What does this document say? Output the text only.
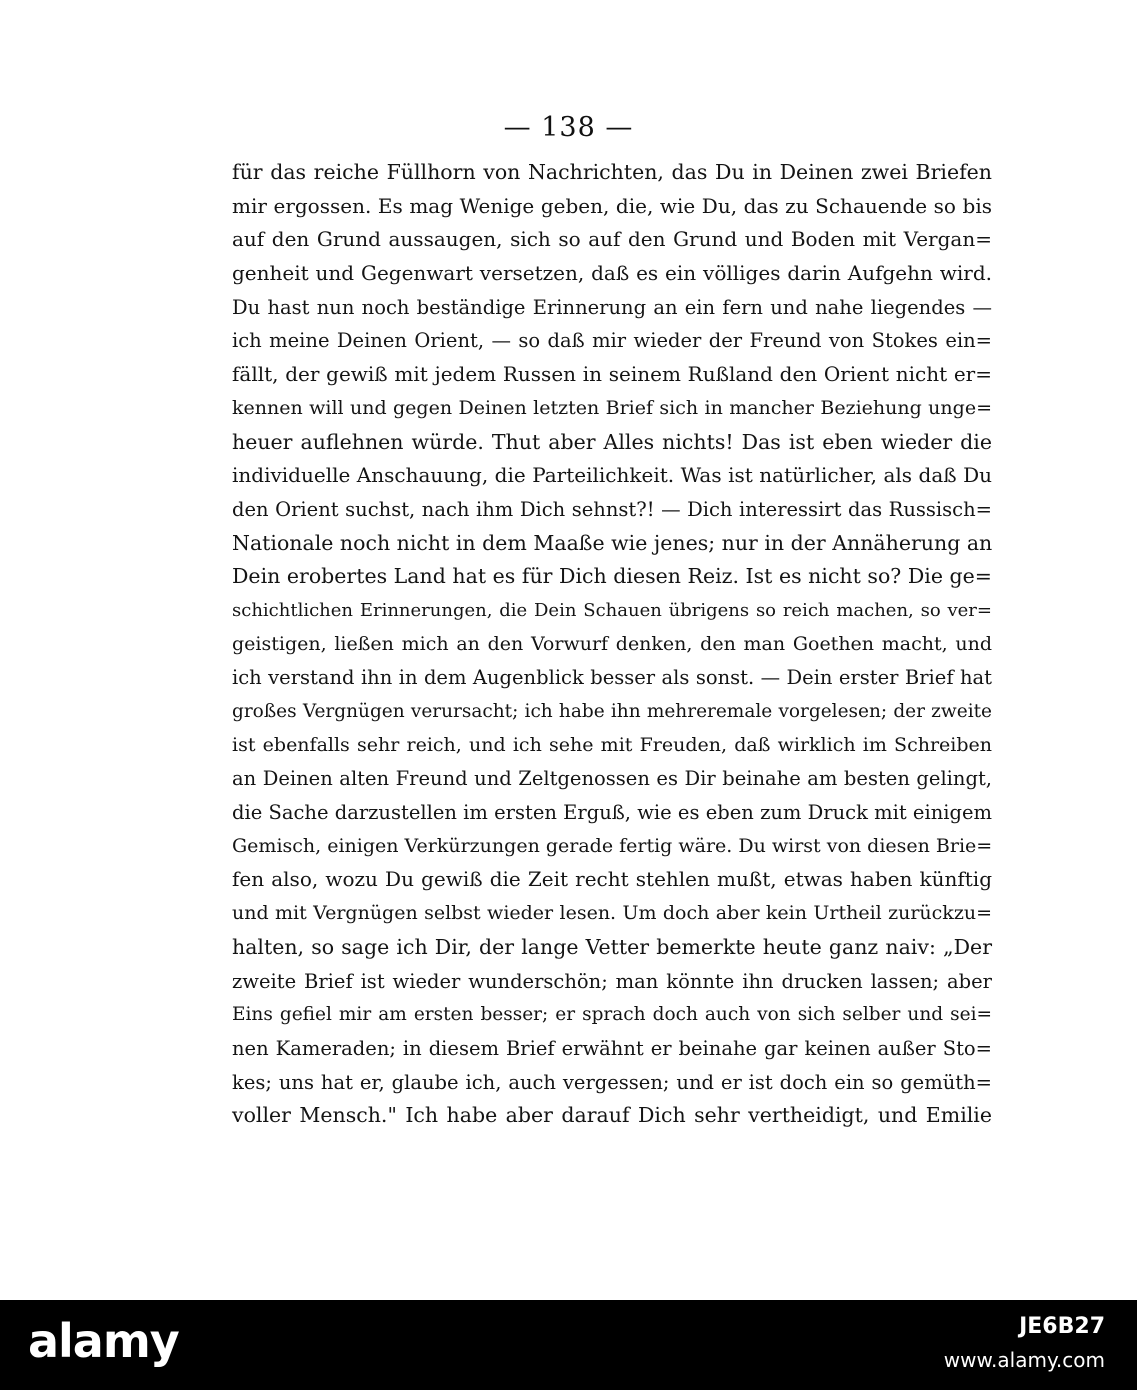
— 138 —
für das reiche Füllhorn von Nachrichten, das Du in Deinen zwei Briefen
mir ergossen. Es mag Wenige geben, die, wie Du, das zu Schauende so bis
auf den Grund aussaugen, sich so auf den Grund und Boden mit Vergan=
genheit und Gegenwart versetzen, daß es ein völliges darin Aufgehn wird.
Du hast nun noch beständige Erinnerung an ein fern und nahe liegendes —
ich meine Deinen Orient, — so daß mir wieder der Freund von Stokes ein=
fällt, der gewiß mit jedem Russen in seinem Rußland den Orient nicht er=
kennen will und gegen Deinen letzten Brief sich in mancher Beziehung unge=
heuer auflehnen würde. Thut aber Alles nichts! Das ist eben wieder die
individuelle Anschauung, die Parteilichkeit. Was ist natürlicher, als daß Du
den Orient suchst, nach ihm Dich sehnst?! — Dich interessirt das Russisch=
Nationale noch nicht in dem Maaße wie jenes; nur in der Annäherung an
Dein erobertes Land hat es für Dich diesen Reiz. Ist es nicht so? Die ge=
schichtlichen Erinnerungen, die Dein Schauen übrigens so reich machen, so ver=
geistigen, ließen mich an den Vorwurf denken, den man Goethen macht, und
ich verstand ihn in dem Augenblick besser als sonst. — Dein erster Brief hat
großes Vergnügen verursacht; ich habe ihn mehreremale vorgelesen; der zweite
ist ebenfalls sehr reich, und ich sehe mit Freuden, daß wirklich im Schreiben
an Deinen alten Freund und Zeltgenossen es Dir beinahe am besten gelingt,
die Sache darzustellen im ersten Erguß, wie es eben zum Druck mit einigem
Gemisch, einigen Verkürzungen gerade fertig wäre. Du wirst von diesen Brie=
fen also, wozu Du gewiß die Zeit recht stehlen mußt, etwas haben künftig
und mit Vergnügen selbst wieder lesen. Um doch aber kein Urtheil zurückzu=
halten, so sage ich Dir, der lange Vetter bemerkte heute ganz naiv: „Der
zweite Brief ist wieder wunderschön; man könnte ihn drucken lassen; aber
Eins gefiel mir am ersten besser; er sprach doch auch von sich selber und sei=
nen Kameraden; in diesem Brief erwähnt er beinahe gar keinen außer Sto=
kes; uns hat er, glaube ich, auch vergessen; und er ist doch ein so gemüth=
voller Mensch." Ich habe aber darauf Dich sehr vertheidigt, und Emilie
alamy	JE6B27
www.alamy.com
